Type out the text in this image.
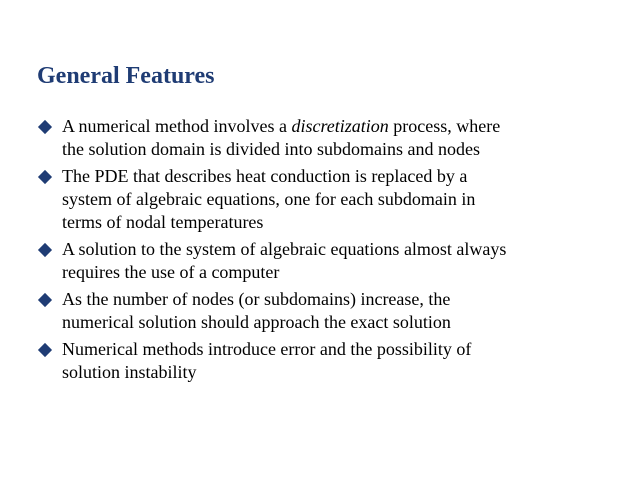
General Features
A numerical method involves a discretization process, where
the solution domain is divided into subdomains and nodes
The PDE that describes heat conduction is replaced by a
system of algebraic equations, one for each subdomain in
terms of nodal temperatures
A solution to the system of algebraic equations almost always
requires the use of a computer
As the number of nodes (or subdomains) increase, the
numerical solution should approach the exact solution
Numerical methods introduce error and the possibility of
solution instability
